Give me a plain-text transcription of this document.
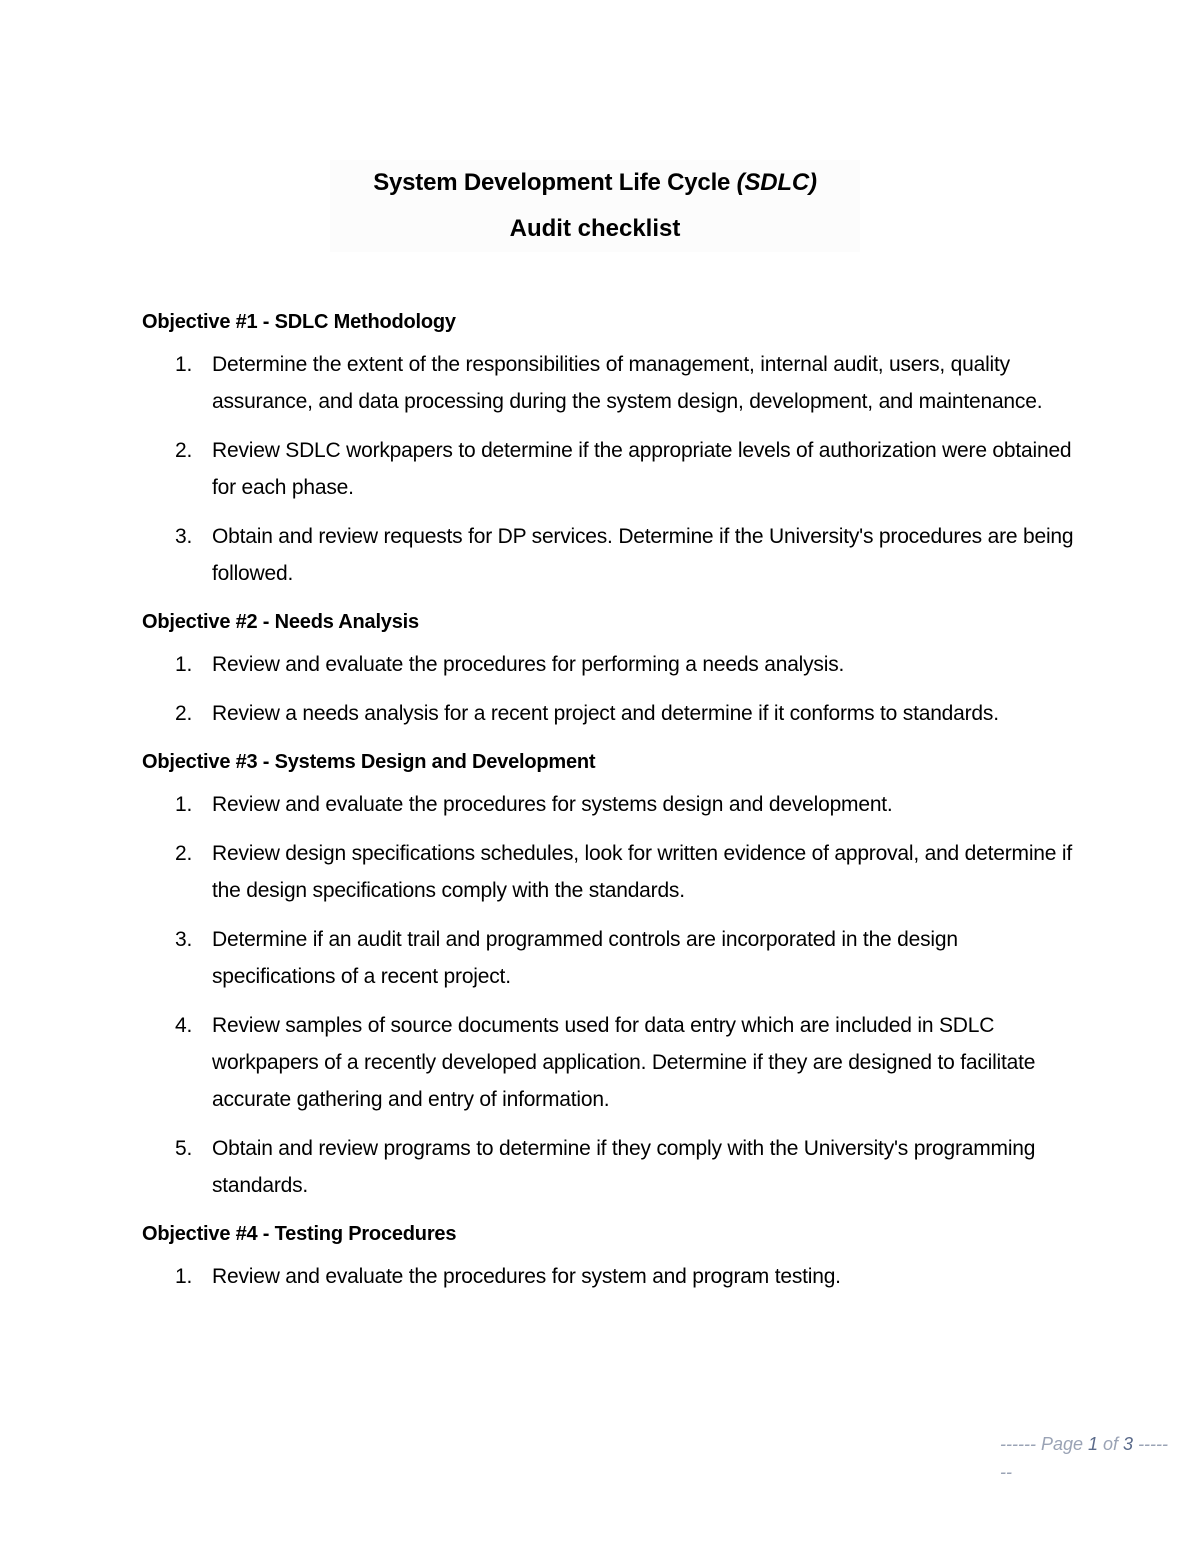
System Development Life Cycle (SDLC)
Audit checklist
Objective #1 - SDLC Methodology
1. Determine the extent of the responsibilities of management, internal audit, users, quality assurance, and data processing during the system design, development, and maintenance.
2. Review SDLC workpapers to determine if the appropriate levels of authorization were obtained for each phase.
3. Obtain and review requests for DP services. Determine if the University's procedures are being followed.
Objective #2 - Needs Analysis
1. Review and evaluate the procedures for performing a needs analysis.
2. Review a needs analysis for a recent project and determine if it conforms to standards.
Objective #3 - Systems Design and Development
1. Review and evaluate the procedures for systems design and development.
2. Review design specifications schedules, look for written evidence of approval, and determine if the design specifications comply with the standards.
3. Determine if an audit trail and programmed controls are incorporated in the design specifications of a recent project.
4. Review samples of source documents used for data entry which are included in SDLC workpapers of a recently developed application. Determine if they are designed to facilitate accurate gathering and entry of information.
5. Obtain and review programs to determine if they comply with the University's programming standards.
Objective #4 - Testing Procedures
1. Review and evaluate the procedures for system and program testing.
------ Page 1 of 3 -------
